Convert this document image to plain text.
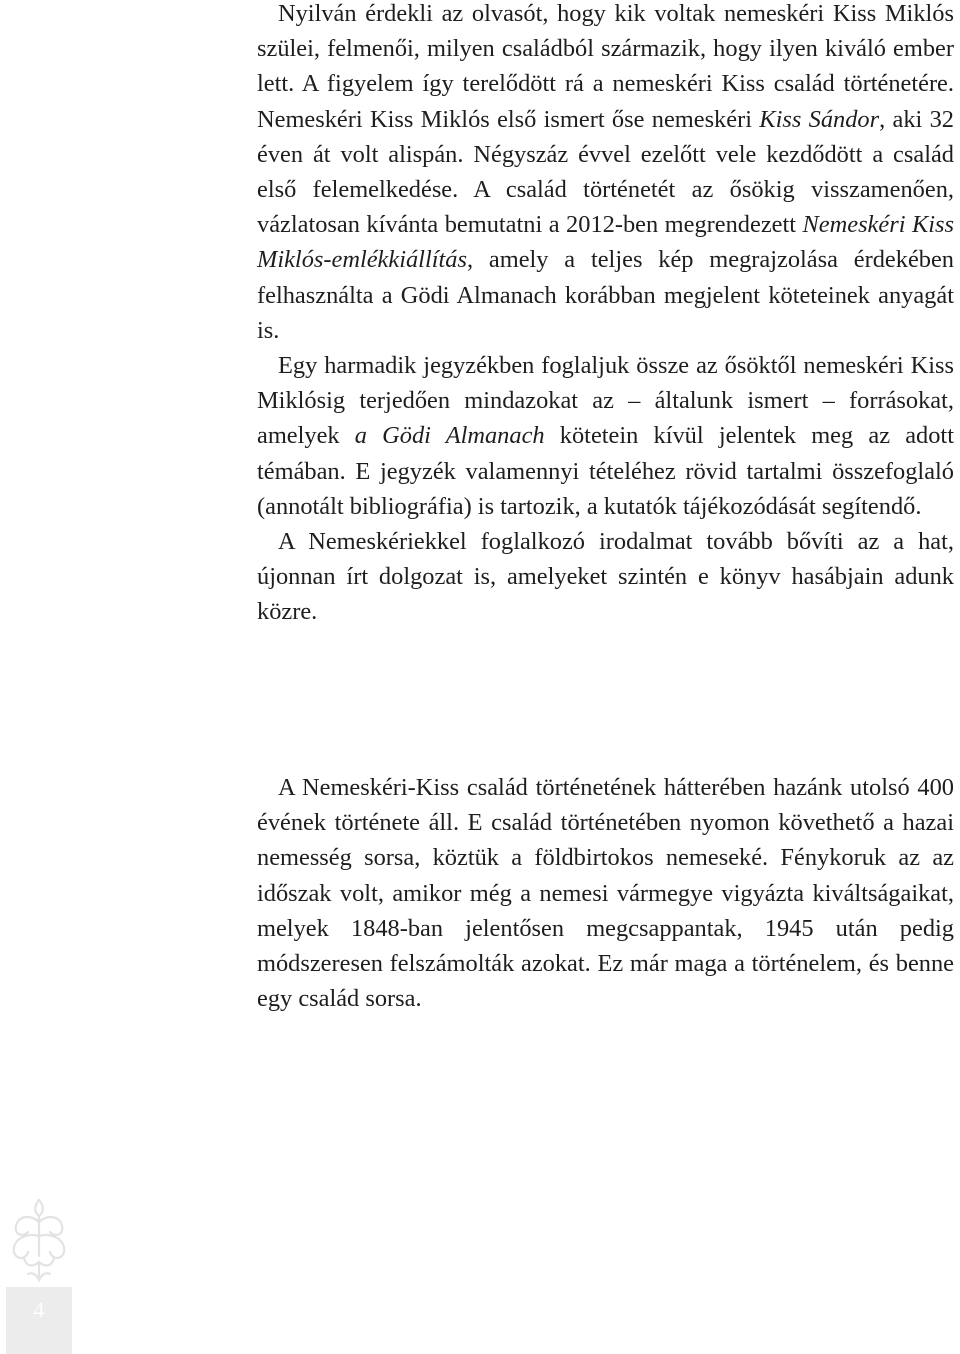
Nyilván érdekli az olvasót, hogy kik voltak nemeskéri Kiss Miklós szülei, felmenői, milyen családból származik, hogy ilyen kiváló ember lett. A figyelem így terelődött rá a nemeskéri Kiss család történetére. Nemeskéri Kiss Miklós első ismert őse nemeskéri Kiss Sándor, aki 32 éven át volt alispán. Négyszáz évvel ezelőtt vele kezdődött a család első felemelkedése. A család történetét az ősökig visszamenően, vázlatosan kívánta bemutatni a 2012-ben megrendezett Nemeskéri Kiss Miklós-emlékkiállítás, amely a teljes kép megrajzolása érdekében felhasználta a Gödi Almanach korábban megjelent köteteinek anyagát is.

Egy harmadik jegyzékben foglaljuk össze az ősöktől nemeskéri Kiss Miklósig terjedően mindazokat az – általunk ismert – forrásokat, amelyek a Gödi Almanach kötetein kívül jelentek meg az adott témában. E jegyzék valamennyi tételéhez rövid tartalmi összefoglaló (annotált bibliográfia) is tartozik, a kutatók tájékozódását segítendő.

A Nemeskériekkel foglalkozó irodalmat tovább bővíti az a hat, újonnan írt dolgozat is, amelyeket szintén e könyv hasábjain adunk közre.

A Nemeskéri-Kiss család történetének hátterében hazánk utolsó 400 évének története áll. E család történetében nyomon követhető a hazai nemesség sorsa, köztük a földbirtokos nemeseké. Fénykoruk az az időszak volt, amikor még a nemesi vármegye vigyázta kiváltságaikat, melyek 1848-ban jelentősen megcsappantak, 1945 után pedig módszeresen felszámolták azokat. Ez már maga a történelem, és benne egy család sorsa.

4
